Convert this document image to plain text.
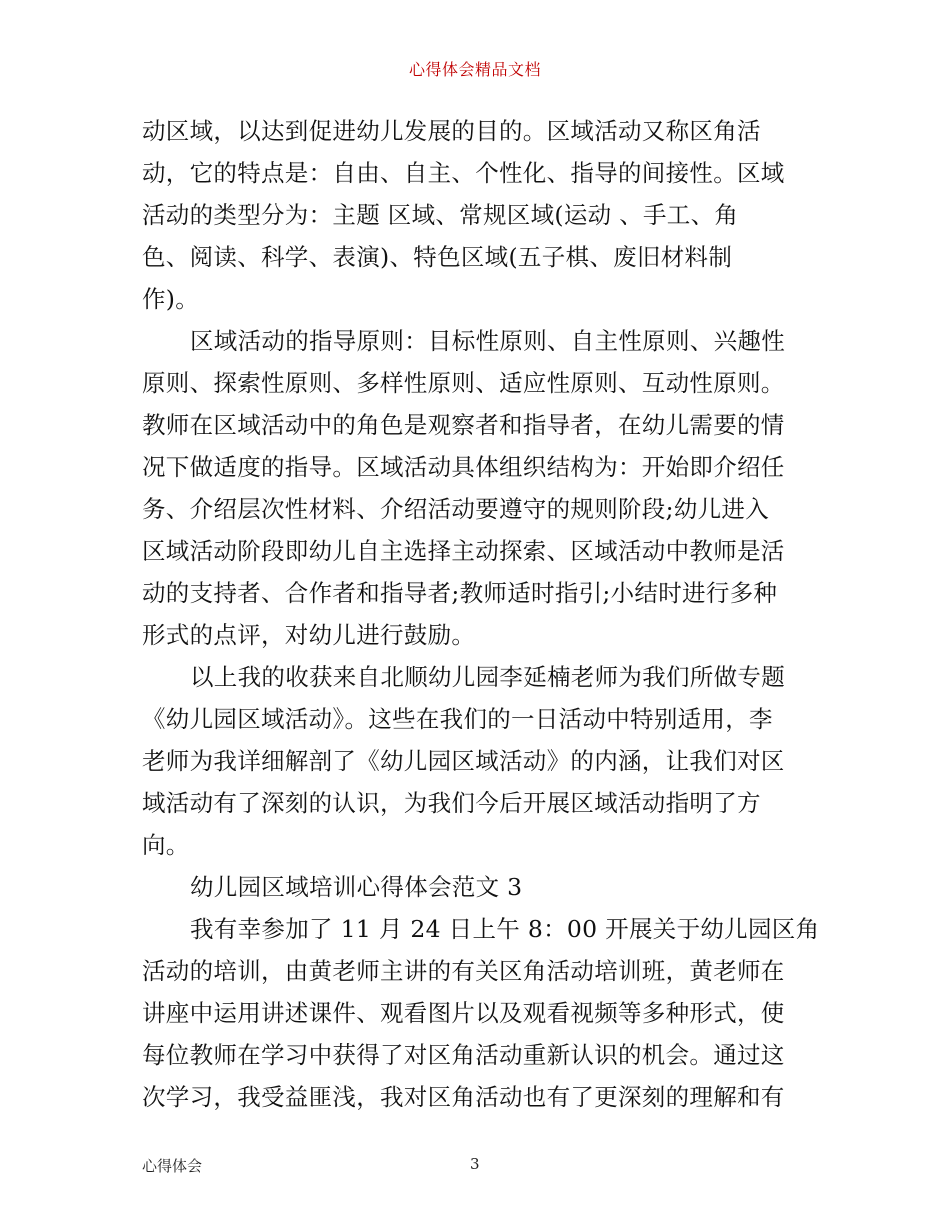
心得体会精品文档
动区域，以达到促进幼儿发展的目的。区域活动又称区角活
动，它的特点是：自由、自主、个性化、指导的间接性。区域
活动的类型分为：主题 区域、常规区域(运动 、手工、角
色、阅读、科学、表演)、特色区域(五子棋、废旧材料制
作)。
区域活动的指导原则：目标性原则、自主性原则、兴趣性
原则、探索性原则、多样性原则、适应性原则、互动性原则。
教师在区域活动中的角色是观察者和指导者，在幼儿需要的情
况下做适度的指导。区域活动具体组织结构为：开始即介绍任
务、介绍层次性材料、介绍活动要遵守的规则阶段;幼儿进入
区域活动阶段即幼儿自主选择主动探索、区域活动中教师是活
动的支持者、合作者和指导者;教师适时指引;小结时进行多种
形式的点评，对幼儿进行鼓励。
以上我的收获来自北顺幼儿园李延楠老师为我们所做专题
《幼儿园区域活动》。这些在我们的一日活动中特别适用，李
老师为我详细解剖了《幼儿园区域活动》的内涵，让我们对区
域活动有了深刻的认识，为我们今后开展区域活动指明了方
向。
幼儿园区域培训心得体会范文 3
我有幸参加了 11 月 24 日上午 8：00 开展关于幼儿园区角
活动的培训，由黄老师主讲的有关区角活动培训班，黄老师在
讲座中运用讲述课件、观看图片以及观看视频等多种形式，使
每位教师在学习中获得了对区角活动重新认识的机会。通过这
次学习，我受益匪浅，我对区角活动也有了更深刻的理解和有
心得体会	3
